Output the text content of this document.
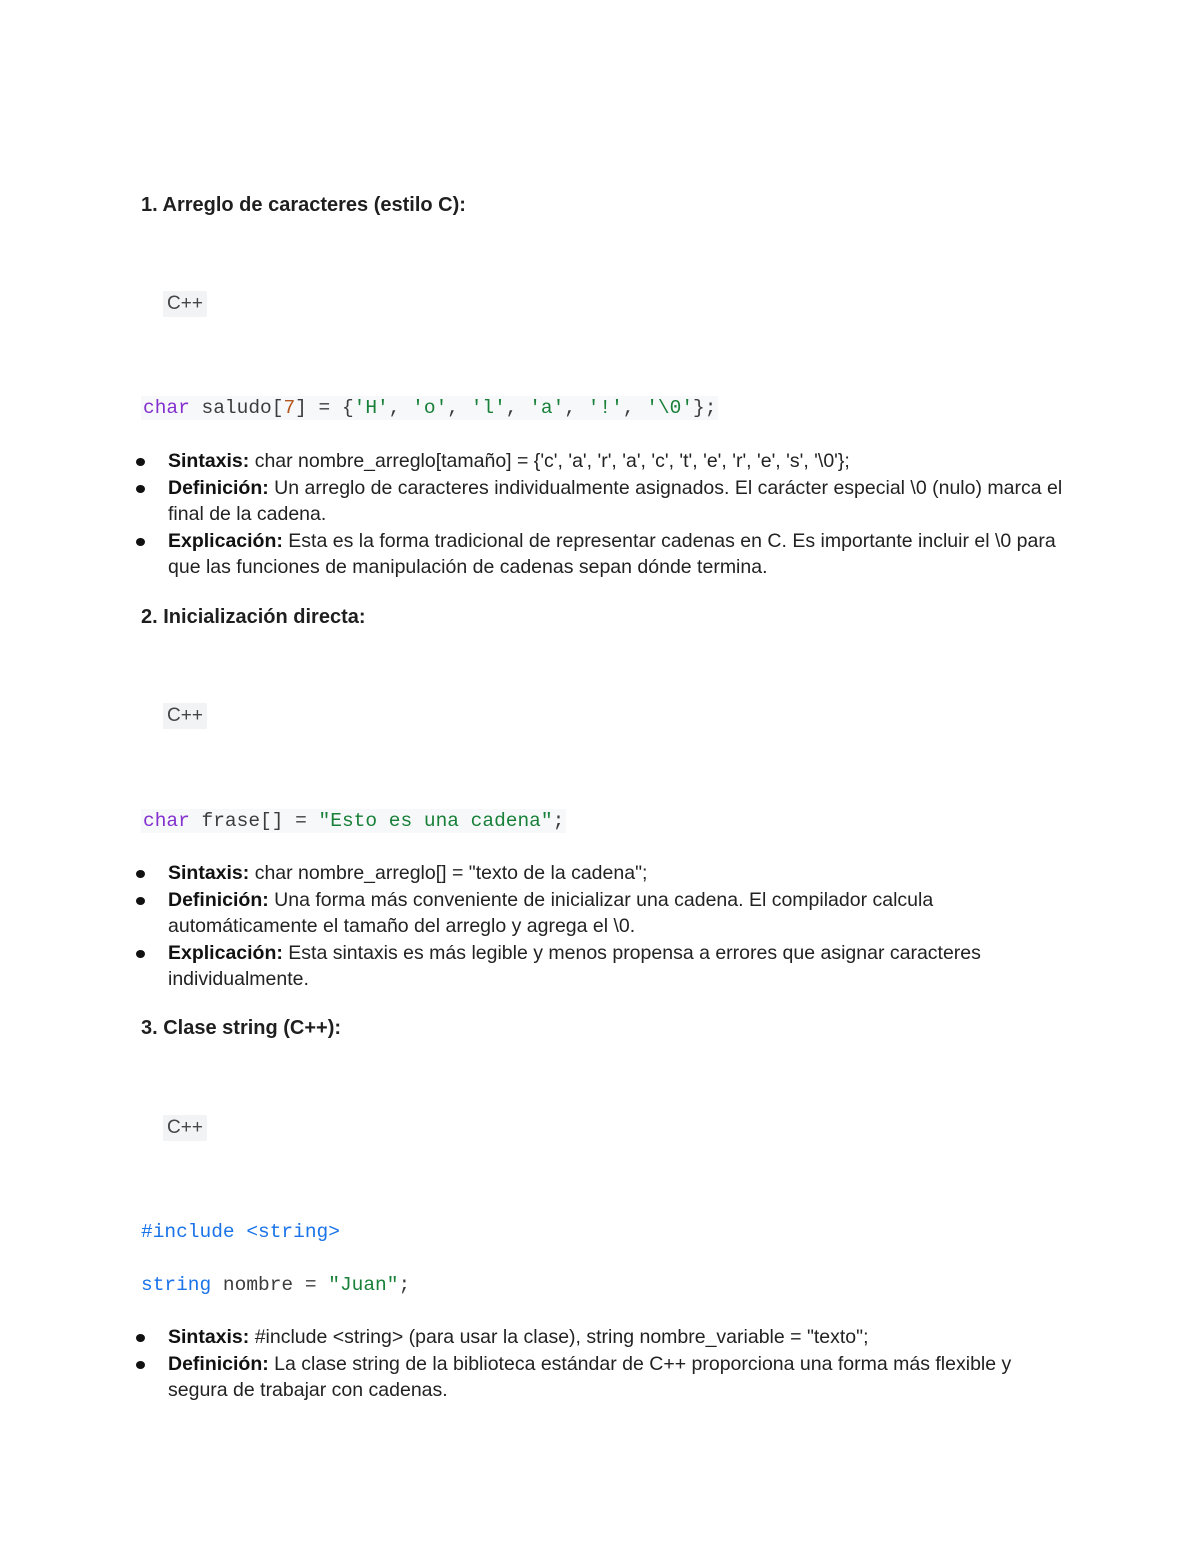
1. Arreglo de caracteres (estilo C):
C++
char saludo[7] = {'H', 'o', 'l', 'a', '!', '\0'};
Sintaxis: char nombre_arreglo[tamaño] = {'c', 'a', 'r', 'a', 'c', 't', 'e', 'r', 'e', 's', '\0'};
Definición: Un arreglo de caracteres individualmente asignados. El carácter especial \0 (nulo) marca el final de la cadena.
Explicación: Esta es la forma tradicional de representar cadenas en C. Es importante incluir el \0 para que las funciones de manipulación de cadenas sepan dónde termina.
2. Inicialización directa:
C++
char frase[] = "Esto es una cadena";
Sintaxis: char nombre_arreglo[] = "texto de la cadena";
Definición: Una forma más conveniente de inicializar una cadena. El compilador calcula automáticamente el tamaño del arreglo y agrega el \0.
Explicación: Esta sintaxis es más legible y menos propensa a errores que asignar caracteres individualmente.
3. Clase string (C++):
C++
#include <string>
string nombre = "Juan";
Sintaxis: #include <string> (para usar la clase), string nombre_variable = "texto";
Definición: La clase string de la biblioteca estándar de C++ proporciona una forma más flexible y segura de trabajar con cadenas.
